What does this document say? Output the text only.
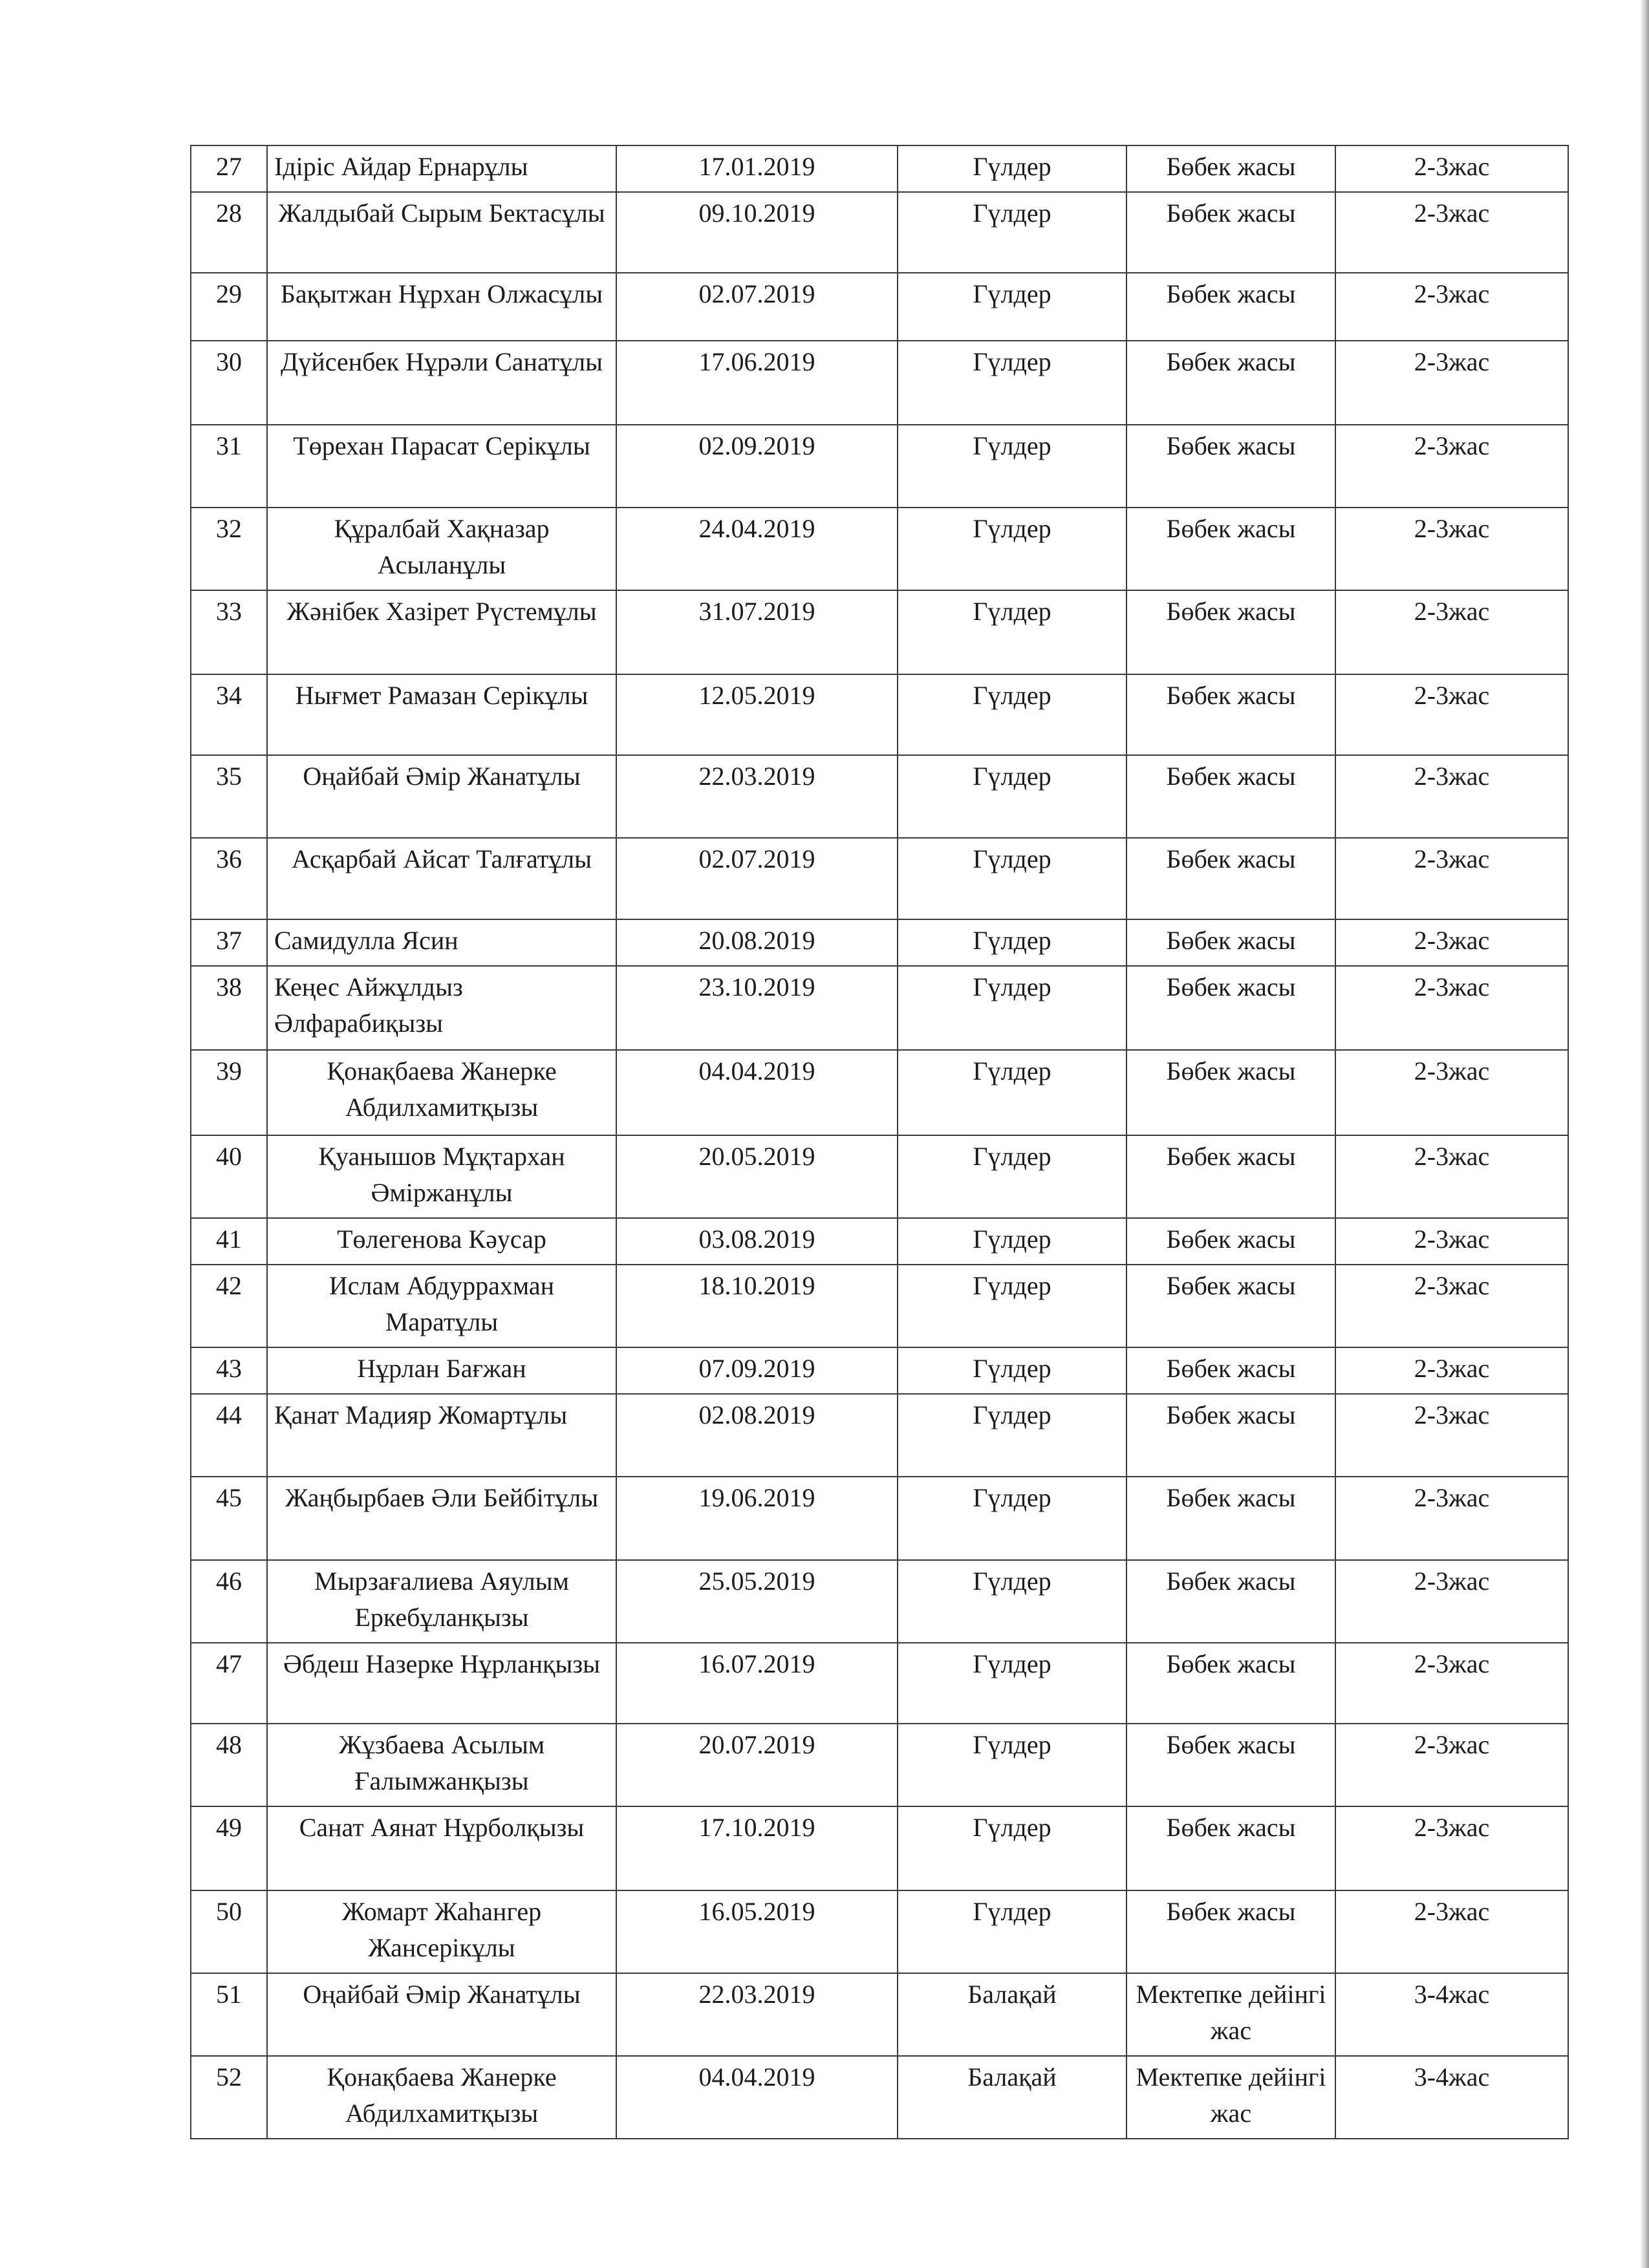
27	Ідіріс Айдар Ернарұлы	17.01.2019	Гүлдер	Бөбек жасы	2-3жас
28	Жалдыбай Сырым Бектасұлы	09.10.2019	Гүлдер	Бөбек жасы	2-3жас
29	Бақытжан Нұрхан Олжасұлы	02.07.2019	Гүлдер	Бөбек жасы	2-3жас
30	Дүйсенбек Нұрәли Санатұлы	17.06.2019	Гүлдер	Бөбек жасы	2-3жас
31	Төрехан Парасат Серікұлы	02.09.2019	Гүлдер	Бөбек жасы	2-3жас
32	Құралбай Хақназар Асыланұлы	24.04.2019	Гүлдер	Бөбек жасы	2-3жас
33	Жәнібек Хазірет Рүстемұлы	31.07.2019	Гүлдер	Бөбек жасы	2-3жас
34	Нығмет Рамазан Серікұлы	12.05.2019	Гүлдер	Бөбек жасы	2-3жас
35	Оңайбай Әмір Жанатұлы	22.03.2019	Гүлдер	Бөбек жасы	2-3жас
36	Асқарбай Айсат Талғатұлы	02.07.2019	Гүлдер	Бөбек жасы	2-3жас
37	Самидулла Ясин	20.08.2019	Гүлдер	Бөбек жасы	2-3жас
38	Кеңес Айжұлдыз Әлфарабиқызы	23.10.2019	Гүлдер	Бөбек жасы	2-3жас
39	Қонақбаева Жанерке Абдилхамитқызы	04.04.2019	Гүлдер	Бөбек жасы	2-3жас
40	Қуанышов Мұқтархан Әміржанұлы	20.05.2019	Гүлдер	Бөбек жасы	2-3жас
41	Төлегенова Кәусар	03.08.2019	Гүлдер	Бөбек жасы	2-3жас
42	Ислам Абдуррахман Маратұлы	18.10.2019	Гүлдер	Бөбек жасы	2-3жас
43	Нұрлан Бағжан	07.09.2019	Гүлдер	Бөбек жасы	2-3жас
44	Қанат Мадияр Жомартұлы	02.08.2019	Гүлдер	Бөбек жасы	2-3жас
45	Жаңбырбаев Әли Бейбітұлы	19.06.2019	Гүлдер	Бөбек жасы	2-3жас
46	Мырзағалиева Аяулым Еркебұланқызы	25.05.2019	Гүлдер	Бөбек жасы	2-3жас
47	Әбдеш Назерке Нұрланқызы	16.07.2019	Гүлдер	Бөбек жасы	2-3жас
48	Жұзбаева Асылым Ғалымжанқызы	20.07.2019	Гүлдер	Бөбек жасы	2-3жас
49	Санат Аянат Нұрболқызы	17.10.2019	Гүлдер	Бөбек жасы	2-3жас
50	Жомарт Жаһангер Жансерікұлы	16.05.2019	Гүлдер	Бөбек жасы	2-3жас
51	Оңайбай Әмір Жанатұлы	22.03.2019	Балақай	Мектепке дейінгі жас	3-4жас
52	Қонақбаева Жанерке Абдилхамитқызы	04.04.2019	Балақай	Мектепке дейінгі жас	3-4жас
